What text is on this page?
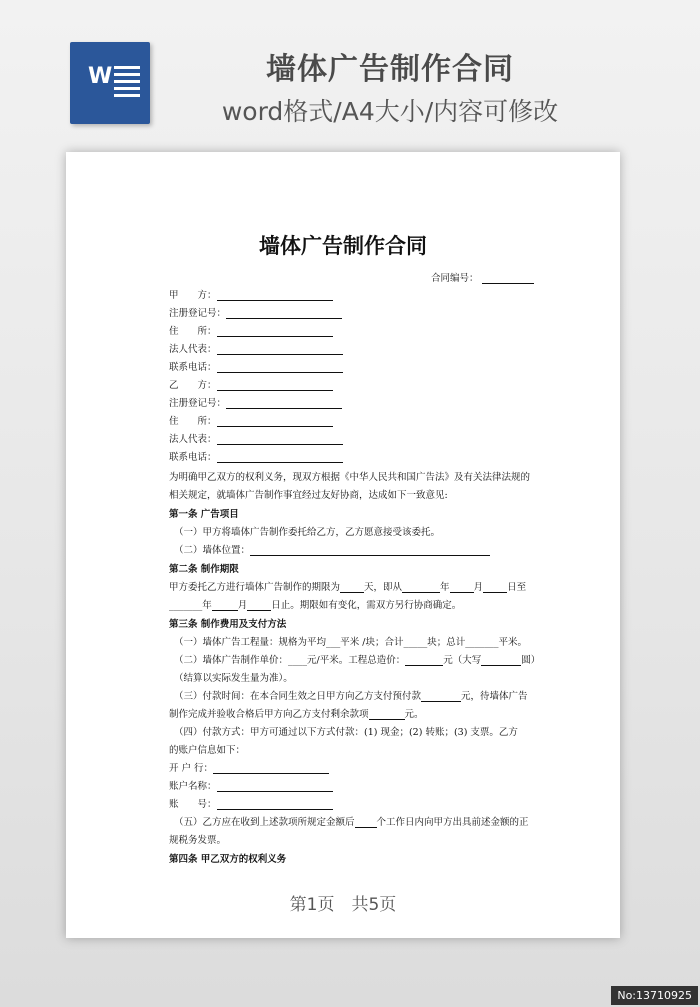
W	墙体广告制作合同
word格式/A4大小/内容可修改
墙体广告制作合同
合同编号：
甲　　方：
注册登记号：
住　　所：
法人代表：
联系电话：
乙　　方：
注册登记号：
住　　所：
法人代表：
联系电话：
为明确甲乙双方的权利义务，现双方根据《中华人民共和国广告法》及有关法律法规的
相关规定，就墙体广告制作事宜经过友好协商，达成如下一致意见:
第一条 广告项目
（一）甲方将墙体广告制作委托给乙方，乙方愿意接受该委托。
（二）墙体位置：
第二条 制作期限
甲方委托乙方进行墙体广告制作的期限为	天，即从	年	月	日至
_______年	月	日止。期限如有变化，需双方另行协商确定。
第三条 制作费用及支付方法
（一）墙体广告工程量：规格为平均___平米 /块；合计_____块；总计_______平米。
（二）墙体广告制作单价：____元/平米。工程总造价：	元（大写	圆）
（结算以实际发生量为准）。
（三）付款时间：在本合同生效之日甲方向乙方支付预付款	元，待墙体广告
制作完成并验收合格后甲方向乙方支付剩余款项	元。
（四）付款方式：甲方可通过以下方式付款：(1) 现金；(2) 转账；(3) 支票。乙方
的账户信息如下：
开 户 行：
账户名称：
账　　号：
（五）乙方应在收到上述款项所规定金额后 个工作日内向甲方出具前述金额的正
规税务发票。
第四条 甲乙双方的权利义务
第1页　共5页
No:13710925
